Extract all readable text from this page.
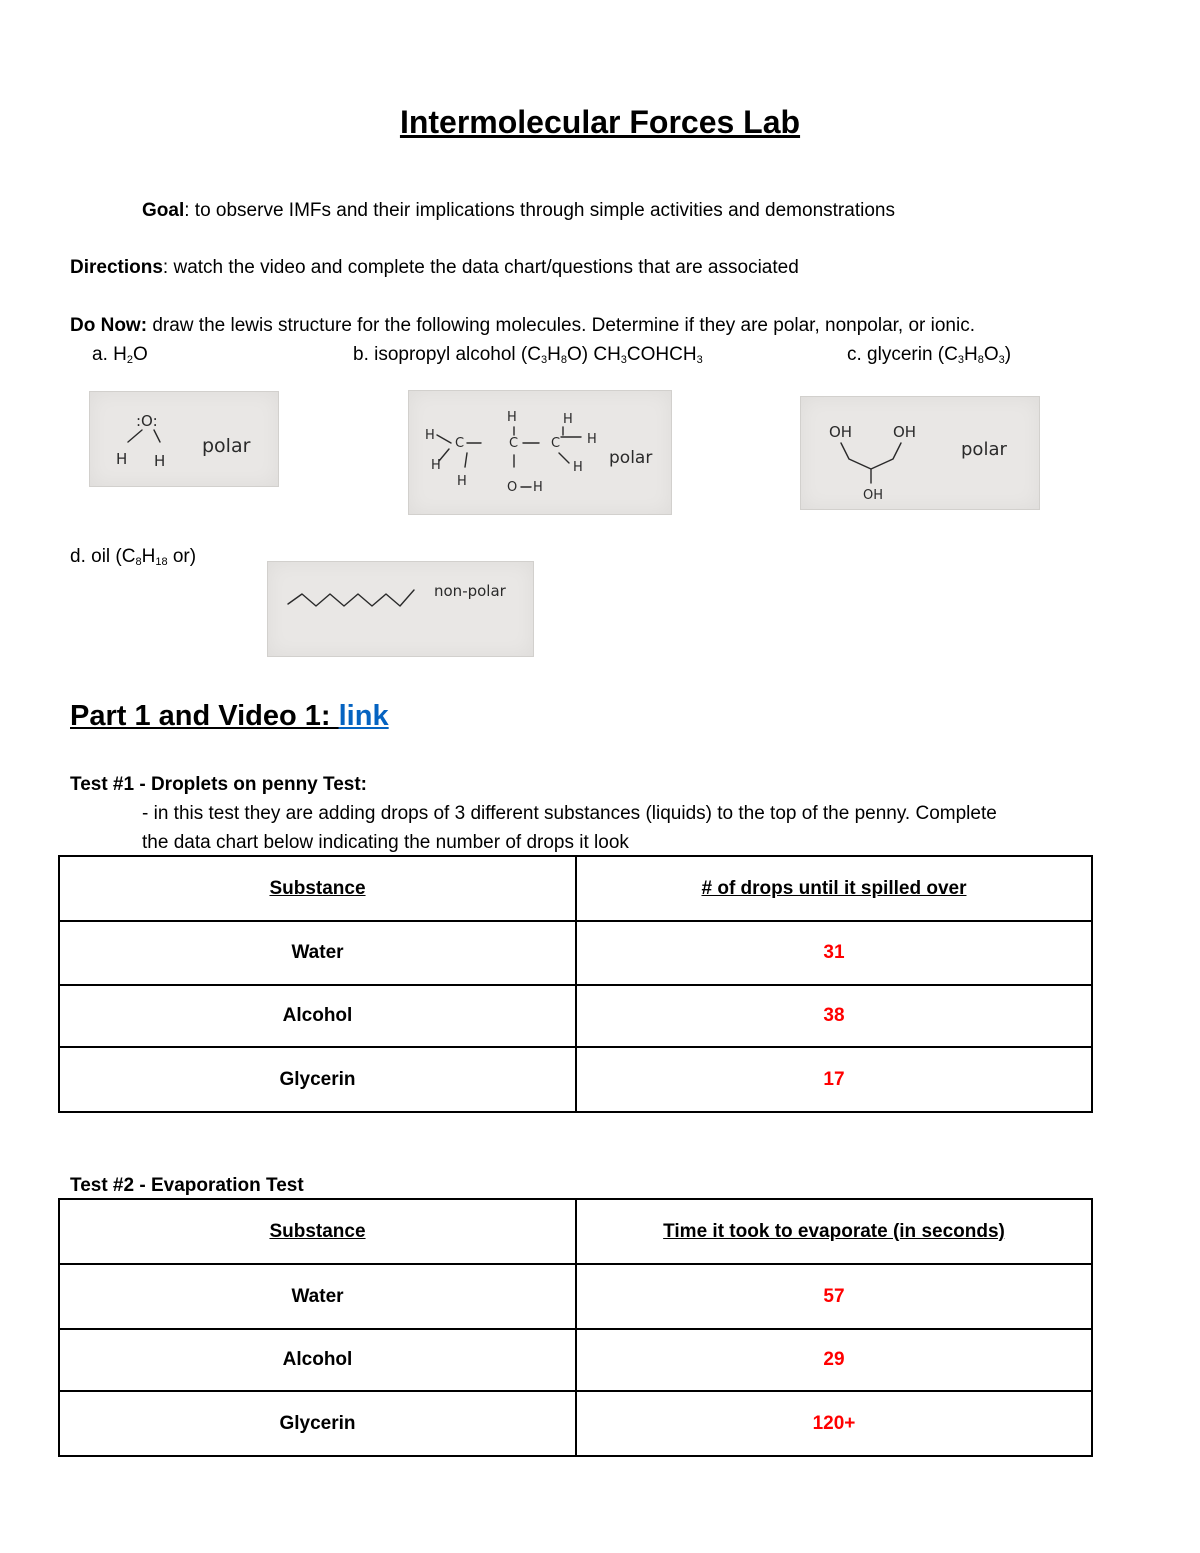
Intermolecular Forces Lab
Goal: to observe IMFs and their implications through simple activities and demonstrations
Directions: watch the video and complete the data chart/questions that are associated
Do Now: draw the lewis structure for the following molecules. Determine if they are polar, nonpolar, or ionic.
a. $H_2O$	b. isopropyl alcohol $(C_3H_8O)$ $CH_3COHCH_3$	c. glycerin $(C_3H_8O_3)$
:O:
H H
polar	H
C
H
C	C
H
H
H
H
H
O H
polar
OH	OH
OH
polar
d. oil ($C_8H_{18}$ or)
non-polar
Part 1 and Video 1: link
Test #1 - Droplets on penny Test:
- in this test they are adding drops of 3 different substances (liquids) to the top of the penny. Complete
the data chart below indicating the number of drops it look
Substance	# of drops until it spilled over
Water	31
Alcohol	38
Glycerin	17
Test #2 - Evaporation Test
Substance	Time it took to evaporate (in seconds)
Water	57
Alcohol	29
Glycerin	120+
